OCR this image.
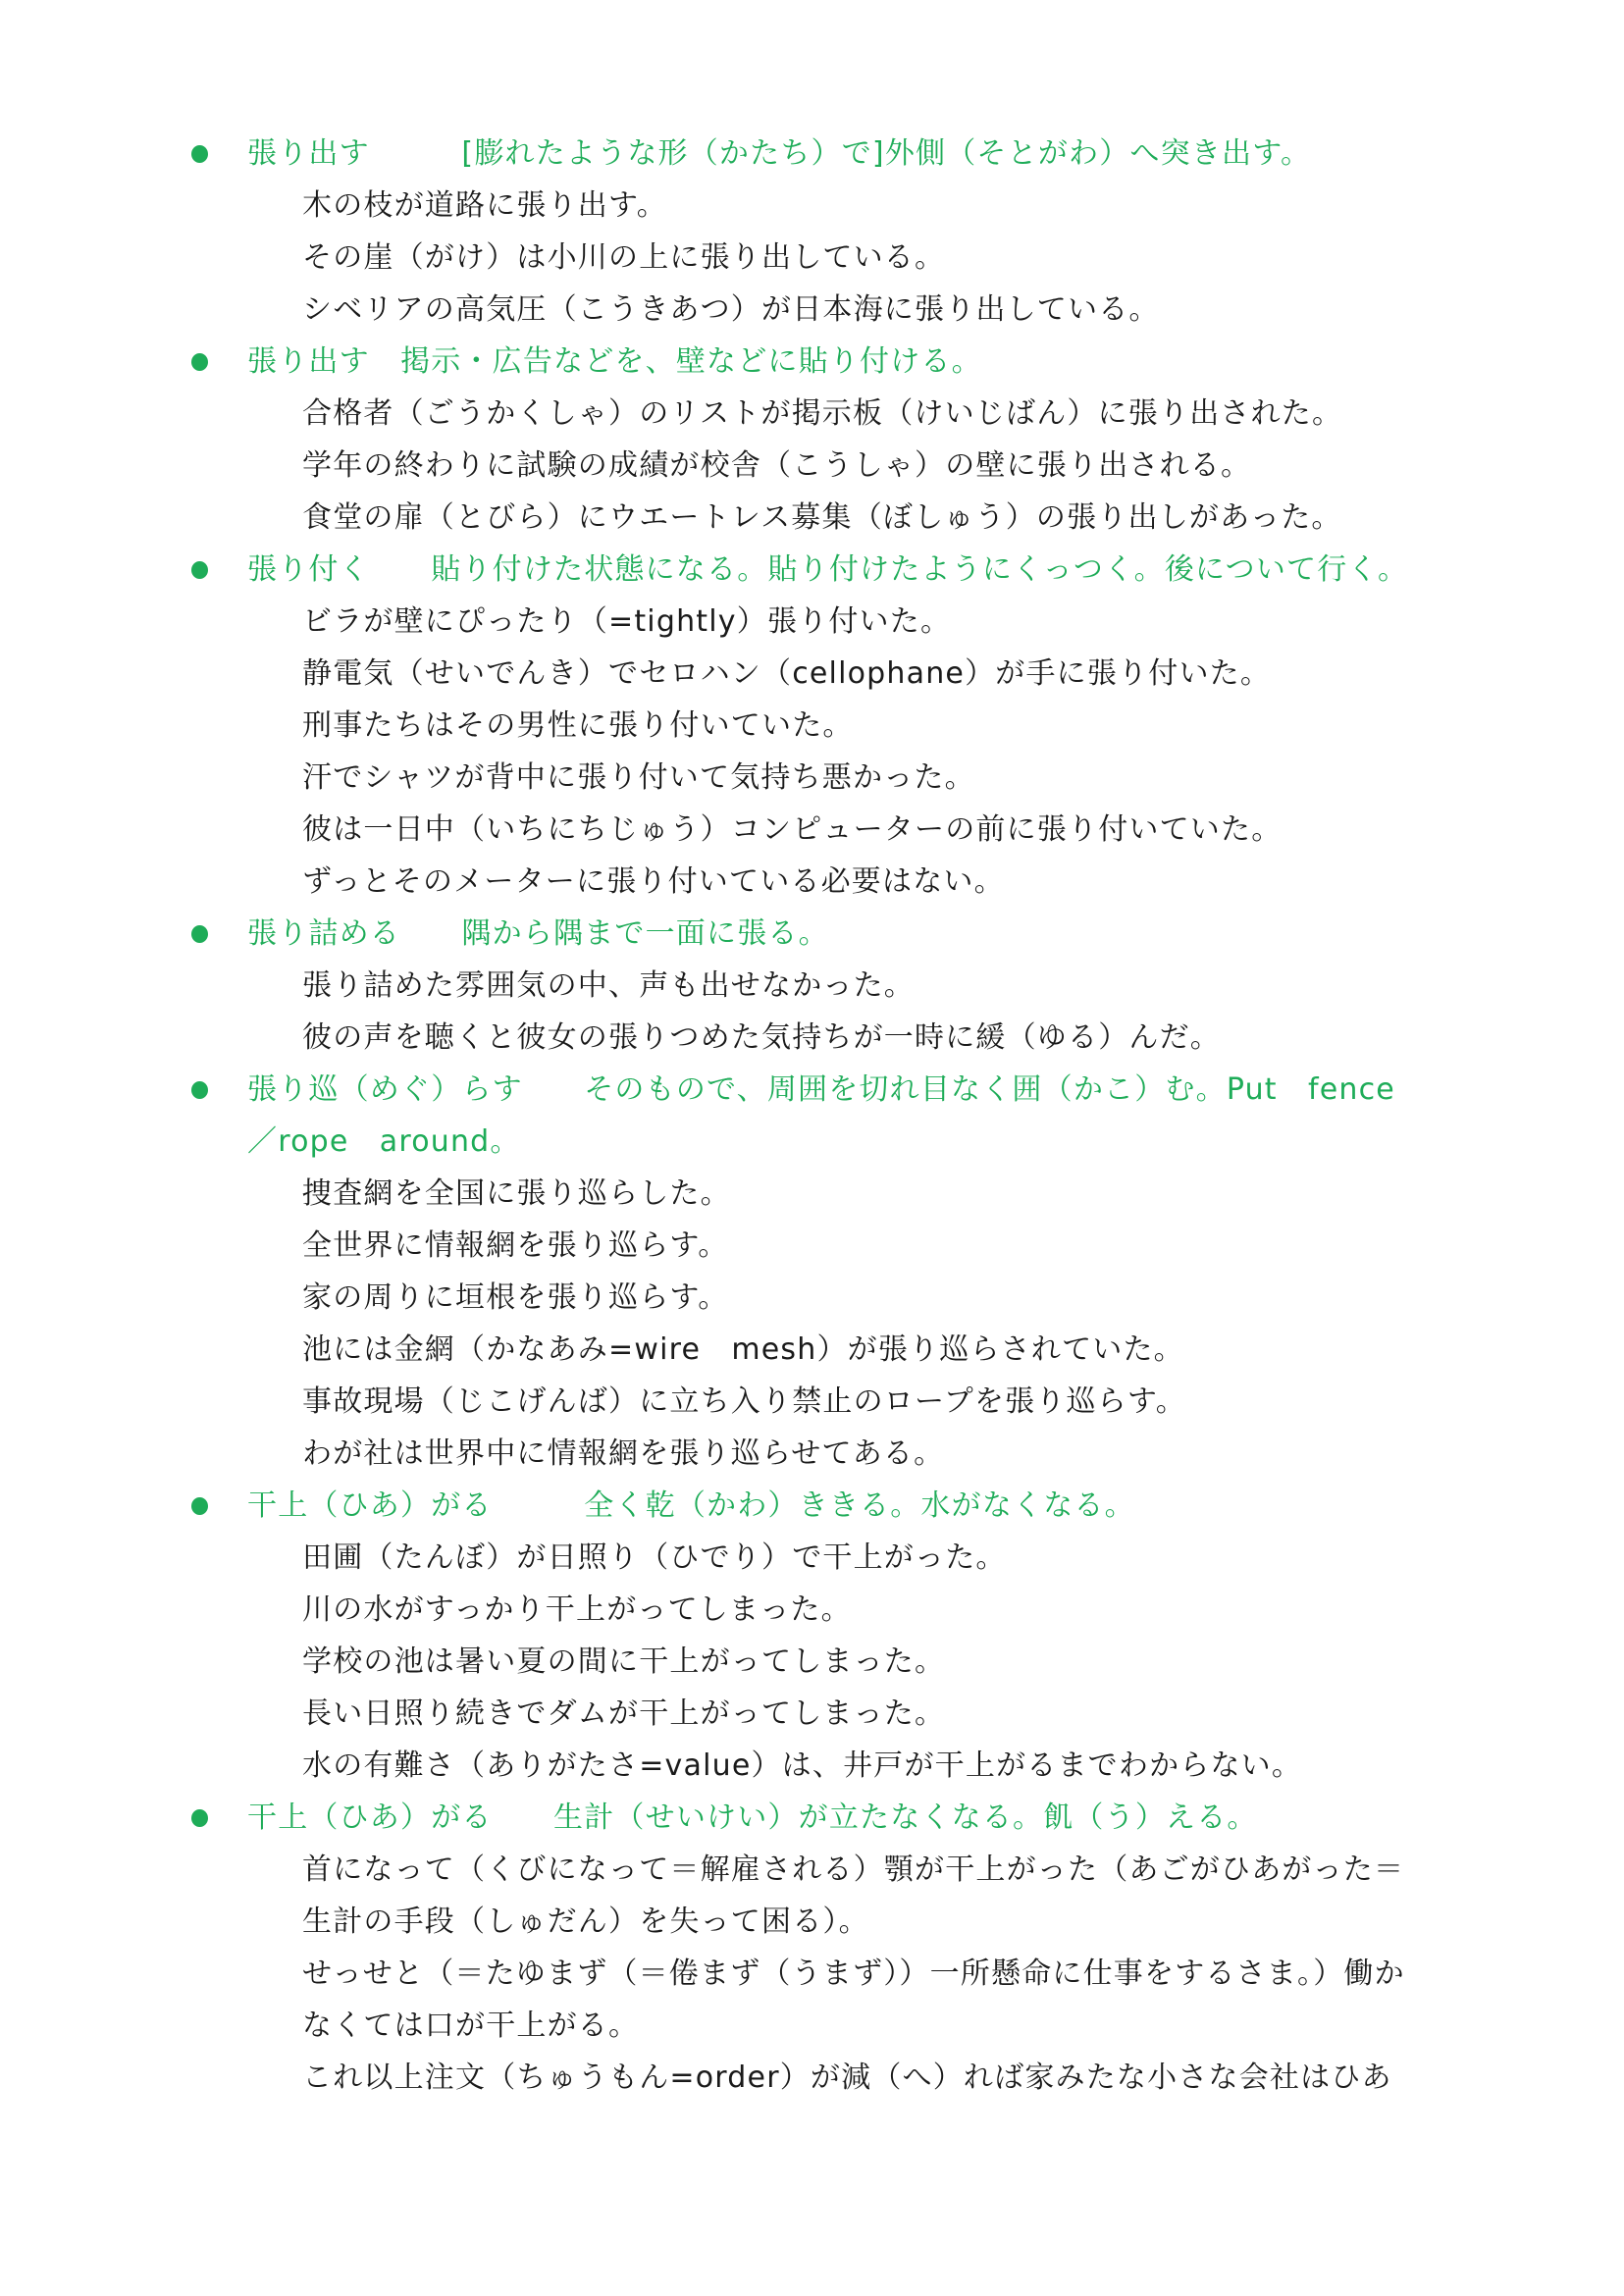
張り出す　　　	[膨れたような形（かたち）で]外側（そとがわ）へ突き出す。
木の枝が道路に張り出す。
その崖（がけ）は小川の上に張り出している。
シベリアの高気圧（こうきあつ）が日本海に張り出している。
張り出す　 掲示・広告などを、壁などに貼り付ける。
合格者（ごうかくしゃ）のリストが掲示板（けいじばん）に張り出された。
学年の終わりに試験の成績が校舎（こうしゃ）の壁に張り出される。
食堂の扉（とびら）にウエートレス募集（ぼしゅう）の張り出しがあった。
張り付く　　 貼り付けた状態になる。貼り付けたようにくっつく。後について行く。
ビラが壁にぴったり（=tightly）張り付いた。
静電気（せいでんき）でセロハン（cellophane）が手に張り付いた。
刑事たちはその男性に張り付いていた。
汗でシャツが背中に張り付いて気持ち悪かった。
彼は一日中（いちにちじゅう）コンピューターの前に張り付いていた。
ずっとそのメーターに張り付いている必要はない。
張り詰める　　 隅から隅まで一面に張る。
張り詰めた雰囲気の中、声も出せなかった。
彼の声を聴くと彼女の張りつめた気持ちが一時に緩（ゆる）んだ。
張り巡（めぐ）らす　　 そのもので、周囲を切れ目なく囲（かこ）む。Put　fence／rope　around。
捜査網を全国に張り巡らした。
全世界に情報網を張り巡らす。
家の周りに垣根を張り巡らす。
池には金網（かなあみ=wire　mesh）が張り巡らされていた。
事故現場（じこげんば）に立ち入り禁止のロープを張り巡らす。
わが社は世界中に情報網を張り巡らせてある。
干上（ひあ）がる　　　	全く乾（かわ）ききる。水がなくなる。
田圃（たんぼ）が日照り（ひでり）で干上がった。
川の水がすっかり干上がってしまった。
学校の池は暑い夏の間に干上がってしまった。
長い日照り続きでダムが干上がってしまった。
水の有難さ（ありがたさ=value）は、井戸が干上がるまでわからない。
干上（ひあ）がる　　 生計（せいけい）が立たなくなる。飢（う）える。
首になって（くびになって＝解雇される）顎が干上がった（あごがひあがった＝生計の手段（しゅだん）を失って困る）。
せっせと（＝たゆまず（＝倦まず（うまず））一所懸命に仕事をするさま。）働かなくては口が干上がる。
これ以上注文（ちゅうもん=order）が減（へ）れば家みたな小さな会社はひあ
